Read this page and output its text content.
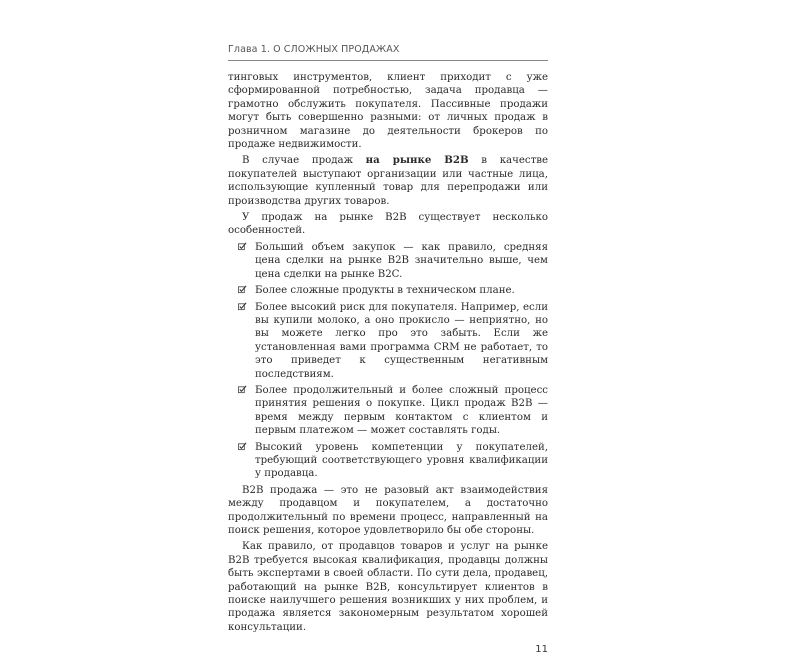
Глава 1. О СЛОЖНЫХ ПРОДАЖАХ

тинговых инструментов, клиент приходит с уже сформированной потребностью, задача продавца — грамотно обслужить покупателя. Пассивные продажи могут быть совершенно разными: от личных продаж в розничном магазине до деятельности брокеров по продаже недвижимости.

В случае продаж на рынке B2B в качестве покупателей выступают организации или частные лица, использующие купленный товар для перепродажи или производства других товаров.

У продаж на рынке B2B существует несколько особенностей.

Больший объем закупок — как правило, средняя цена сделки на рынке B2B значительно выше, чем цена сделки на рынке B2C.
Более сложные продукты в техническом плане.
Более высокий риск для покупателя. Например, если вы купили молоко, а оно прокисло — неприятно, но вы можете легко про это забыть. Если же установленная вами программа CRM не работает, то это приведет к существенным негативным последствиям.
Более продолжительный и более сложный процесс принятия решения о покупке. Цикл продаж B2B — время между первым контактом с клиентом и первым платежом — может составлять годы.
Высокий уровень компетенции у покупателей, требующий соответствующего уровня квалификации у продавца.

B2B продажа — это не разовый акт взаимодействия между продавцом и покупателем, а достаточно продолжительный по времени процесс, направленный на поиск решения, которое удовлетворило бы обе стороны.

Как правило, от продавцов товаров и услуг на рынке B2B требуется высокая квалификация, продавцы должны быть экспертами в своей области. По сути дела, продавец, работающий на рынке B2B, консультирует клиентов в поиске наилучшего решения возникших у них проблем, и продажа является закономерным результатом хорошей консультации.

11
